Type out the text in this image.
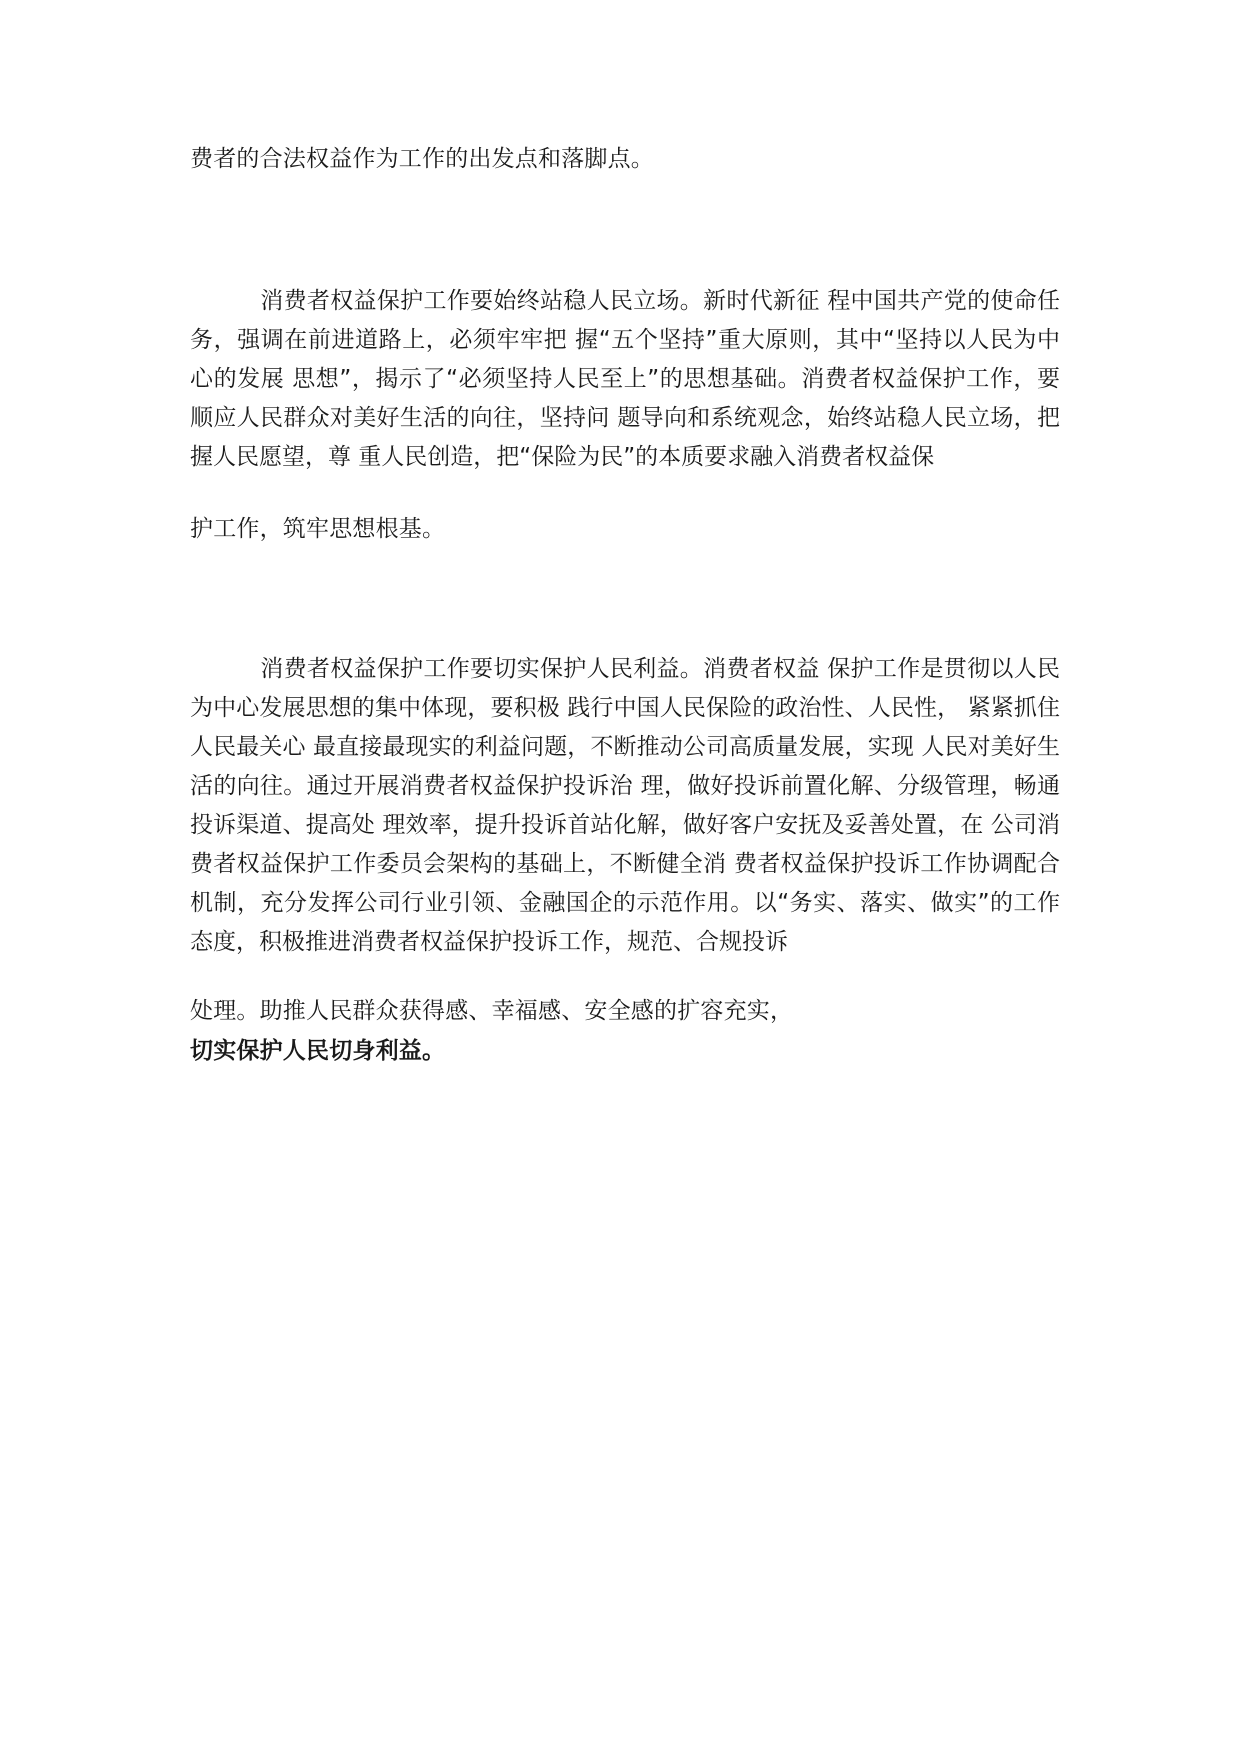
费者的合法权益作为工作的出发点和落脚点。
消费者权益保护工作要始终站稳人民立场。新时代新征 程中国共产党的使命任务，强调在前进道路上，必须牢牢把 握“五个坚持”重大原则，其中“坚持以人民为中心的发展 思想”，揭示了“必须坚持人民至上”的思想基础。消费者权益保护工作，要顺应人民群众对美好生活的向往，坚持问 题导向和系统观念，始终站稳人民立场，把握人民愿望，尊 重人民创造，把“保险为民”的本质要求融入消费者权益保
护工作，筑牢思想根基。
消费者权益保护工作要切实保护人民利益。消费者权益 保护工作是贯彻以人民为中心发展思想的集中体现，要积极 践行中国人民保险的政治性、人民性， 紧紧抓住人民最关心 最直接最现实的利益问题，不断推动公司高质量发展，实现 人民对美好生活的向往。通过开展消费者权益保护投诉治 理，做好投诉前置化解、分级管理，畅通投诉渠道、提高处 理效率，提升投诉首站化解，做好客户安抚及妥善处置，在 公司消费者权益保护工作委员会架构的基础上，不断健全消 费者权益保护投诉工作协调配合机制，充分发挥公司行业引领、金融国企的示范作用。以“务实、落实、做实”的工作 态度，积极推进消费者权益保护投诉工作，规范、合规投诉
处理。助推人民群众获得感、幸福感、安全感的扩容充实，
切实保护人民切身利益。
